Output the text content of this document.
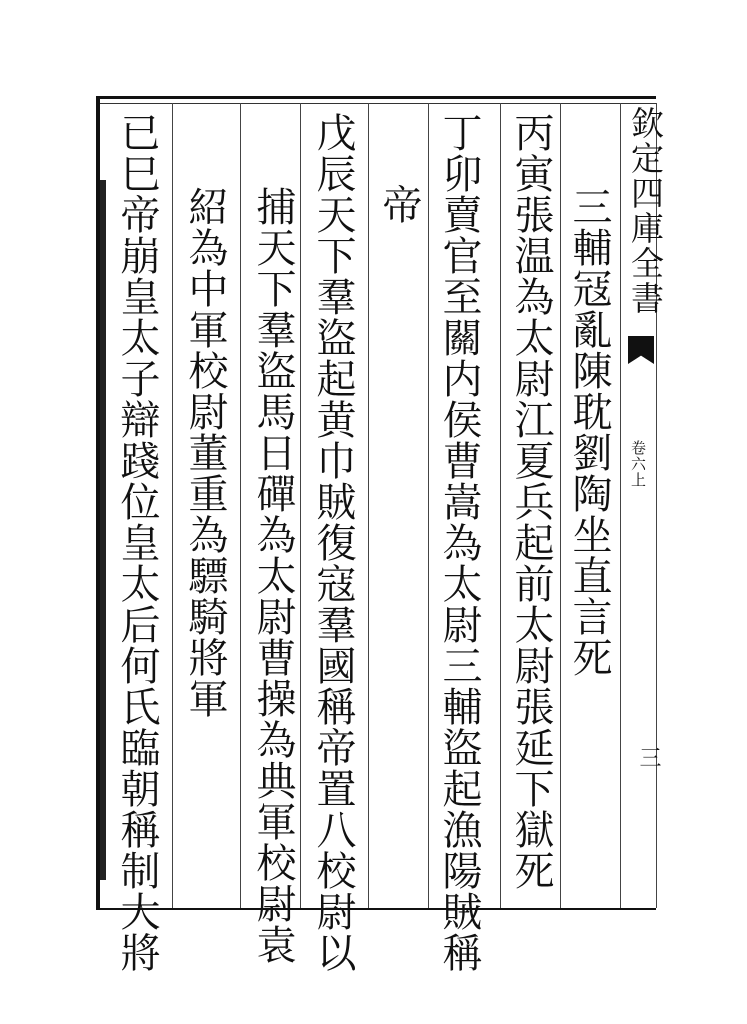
三輔冦亂陳耽劉陶坐直言死
丙寅張温為太尉江夏兵起前太尉張延下獄死
丁卯賣官至關内侯曹嵩為太尉三輔盜起漁陽賊稱
帝
戊辰天下羣盜起黄巾賊復寇羣國稱帝置八校尉以
捕天下羣盜馬日磾為太尉曹操為典軍校尉袁
紹為中軍校尉董重為驃騎將軍
已巳帝崩皇太子辯踐位皇太后何氏臨朝稱制大將	欽定四庫全書
卷六上
三
